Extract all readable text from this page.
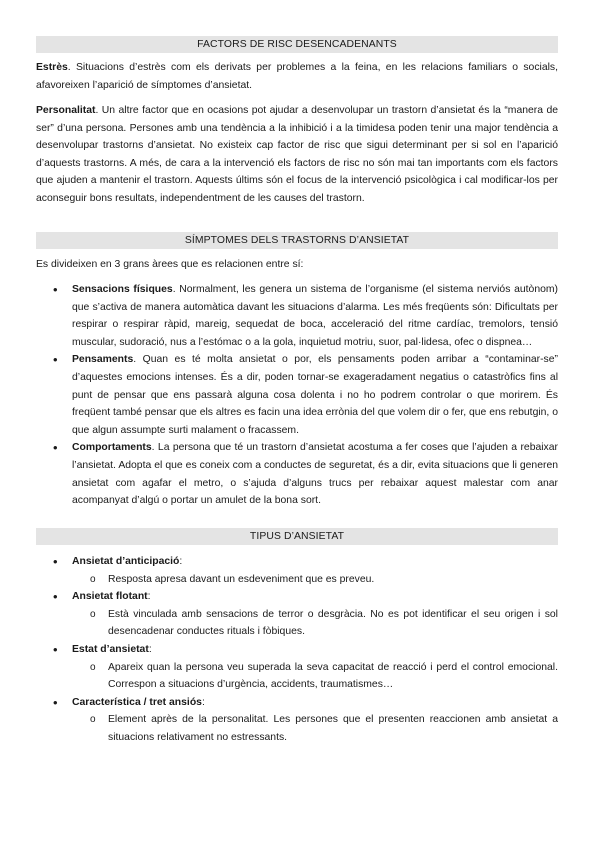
FACTORS DE RISC DESENCADENANTS

Estrès. Situacions d’estrès com els derivats per problemes a la feina, en les relacions familiars o socials, afavoreixen l’aparició de símptomes d’ansietat.

Personalitat. Un altre factor que en ocasions pot ajudar a desenvolupar un trastorn d’ansietat és la “manera de ser” d’una persona. Persones amb una tendència a la inhibició i a la timidesa poden tenir una major tendència a desenvolupar trastorns d’ansietat. No existeix cap factor de risc que sigui determinant per si sol en l’aparició d’aquests trastorns. A més, de cara a la intervenció els factors de risc no són mai tan importants com els factors que ajuden a mantenir el trastorn. Aquests últims són el focus de la intervenció psicològica i cal modificar-los per aconseguir bons resultats, independentment de les causes del trastorn.

SÍMPTOMES DELS TRASTORNS D’ANSIETAT

Es divideixen en 3 grans àrees que es relacionen entre sí:

• Sensacions físiques. Normalment, les genera un sistema de l’organisme (el sistema nerviós autònom) que s’activa de manera automàtica davant les situacions d’alarma. Les més freqüents són: Dificultats per respirar o respirar ràpid, mareig, sequedat de boca, acceleració del ritme cardíac, tremolors, tensió muscular, sudoració, nus a l’estómac o a la gola, inquietud motriu, suor, pal·lidesa, ofec o dispnea…
• Pensaments. Quan es té molta ansietat o por, els pensaments poden arribar a “contaminar-se” d’aquestes emocions intenses. És a dir, poden tornar-se exageradament negatius o catastròfics fins al punt de pensar que ens passarà alguna cosa dolenta i no ho podrem controlar o que morirem. És freqüent també pensar que els altres es facin una idea errònia del que volem dir o fer, que ens rebutgin, o que algun assumpte surti malament o fracassem.
• Comportaments. La persona que té un trastorn d’ansietat acostuma a fer coses que l’ajuden a rebaixar l’ansietat. Adopta el que es coneix com a conductes de seguretat, és a dir, evita situacions que li generen ansietat com agafar el metro, o s’ajuda d’alguns trucs per rebaixar aquest malestar com anar acompanyat d’algú o portar un amulet de la bona sort.
TIPUS D’ANSIETAT
• Ansietat d’anticipació:
o Resposta apresa davant un esdeveniment que es preveu.
• Ansietat flotant:
o Està vinculada amb sensacions de terror o desgràcia. No es pot identificar el seu origen i sol desencadenar conductes rituals i fòbiques.
• Estat d’ansietat:
o Apareix quan la persona veu superada la seva capacitat de reacció i perd el control emocional. Correspon a situacions d’urgència, accidents, traumatismes…
• Característica / tret ansiós:
o Element après de la personalitat. Les persones que el presenten reaccionen amb ansietat a situacions relativament no estressants.
